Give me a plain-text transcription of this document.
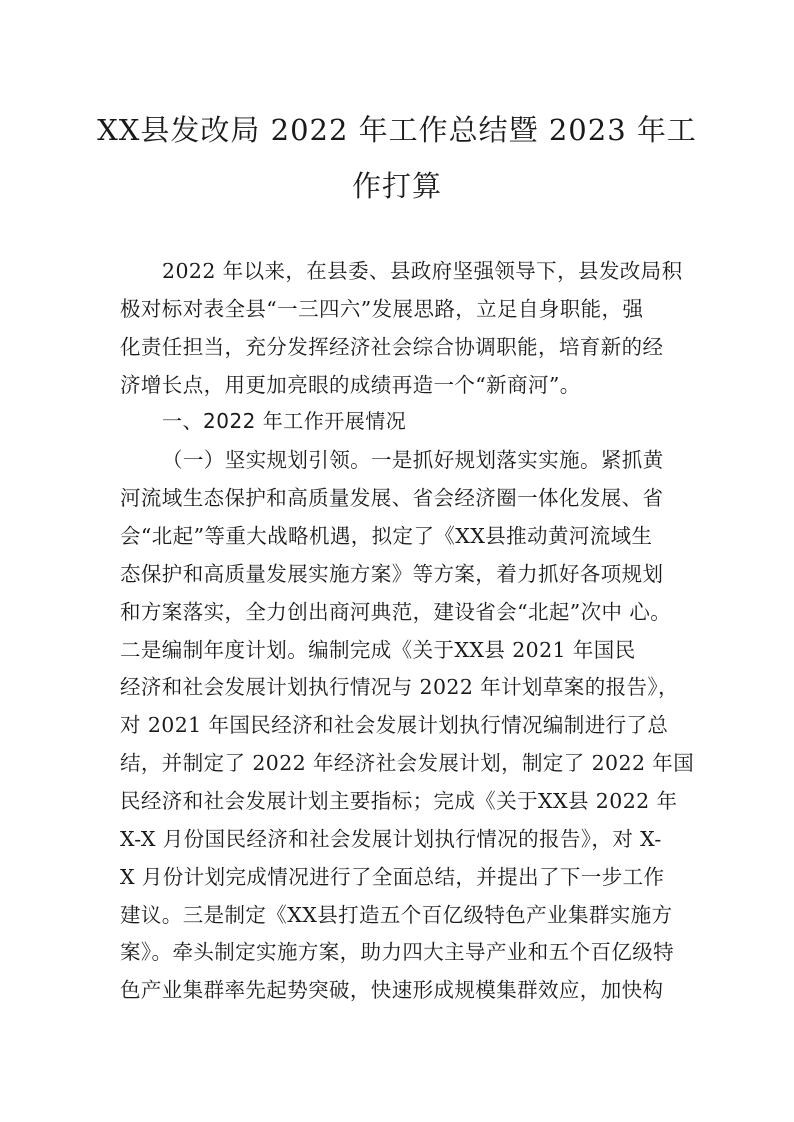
XX县发改局 2022 年工作总结暨 2023 年工
作打算
2022 年以来，在县委、县政府坚强领导下，县发改局积
极对标对表全县“一三四六”发展思路，立足自身职能，强
化责任担当，充分发挥经济社会综合协调职能，培育新的经
济增长点，用更加亮眼的成绩再造一个“新商河”。
一、2022 年工作开展情况
（一）坚实规划引领。一是抓好规划落实实施。紧抓黄
河流域生态保护和高质量发展、省会经济圈一体化发展、省
会“北起”等重大战略机遇，拟定了《XX县推动黄河流域生
态保护和高质量发展实施方案》等方案，着力抓好各项规划
和方案落实，全力创出商河典范，建设省会“北起”次中 心。
二是编制年度计划。编制完成《关于XX县 2021 年国民
经济和社会发展计划执行情况与 2022 年计划草案的报告》，
对 2021 年国民经济和社会发展计划执行情况编制进行了总
结，并制定了 2022 年经济社会发展计划，制定了 2022 年国
民经济和社会发展计划主要指标；完成《关于XX县 2022 年
X-X 月份国民经济和社会发展计划执行情况的报告》，对 X-
X 月份计划完成情况进行了全面总结，并提出了下一步工作
建议。三是制定《XX县打造五个百亿级特色产业集群实施方
案》。牵头制定实施方案，助力四大主导产业和五个百亿级特
色产业集群率先起势突破，快速形成规模集群效应，加快构
